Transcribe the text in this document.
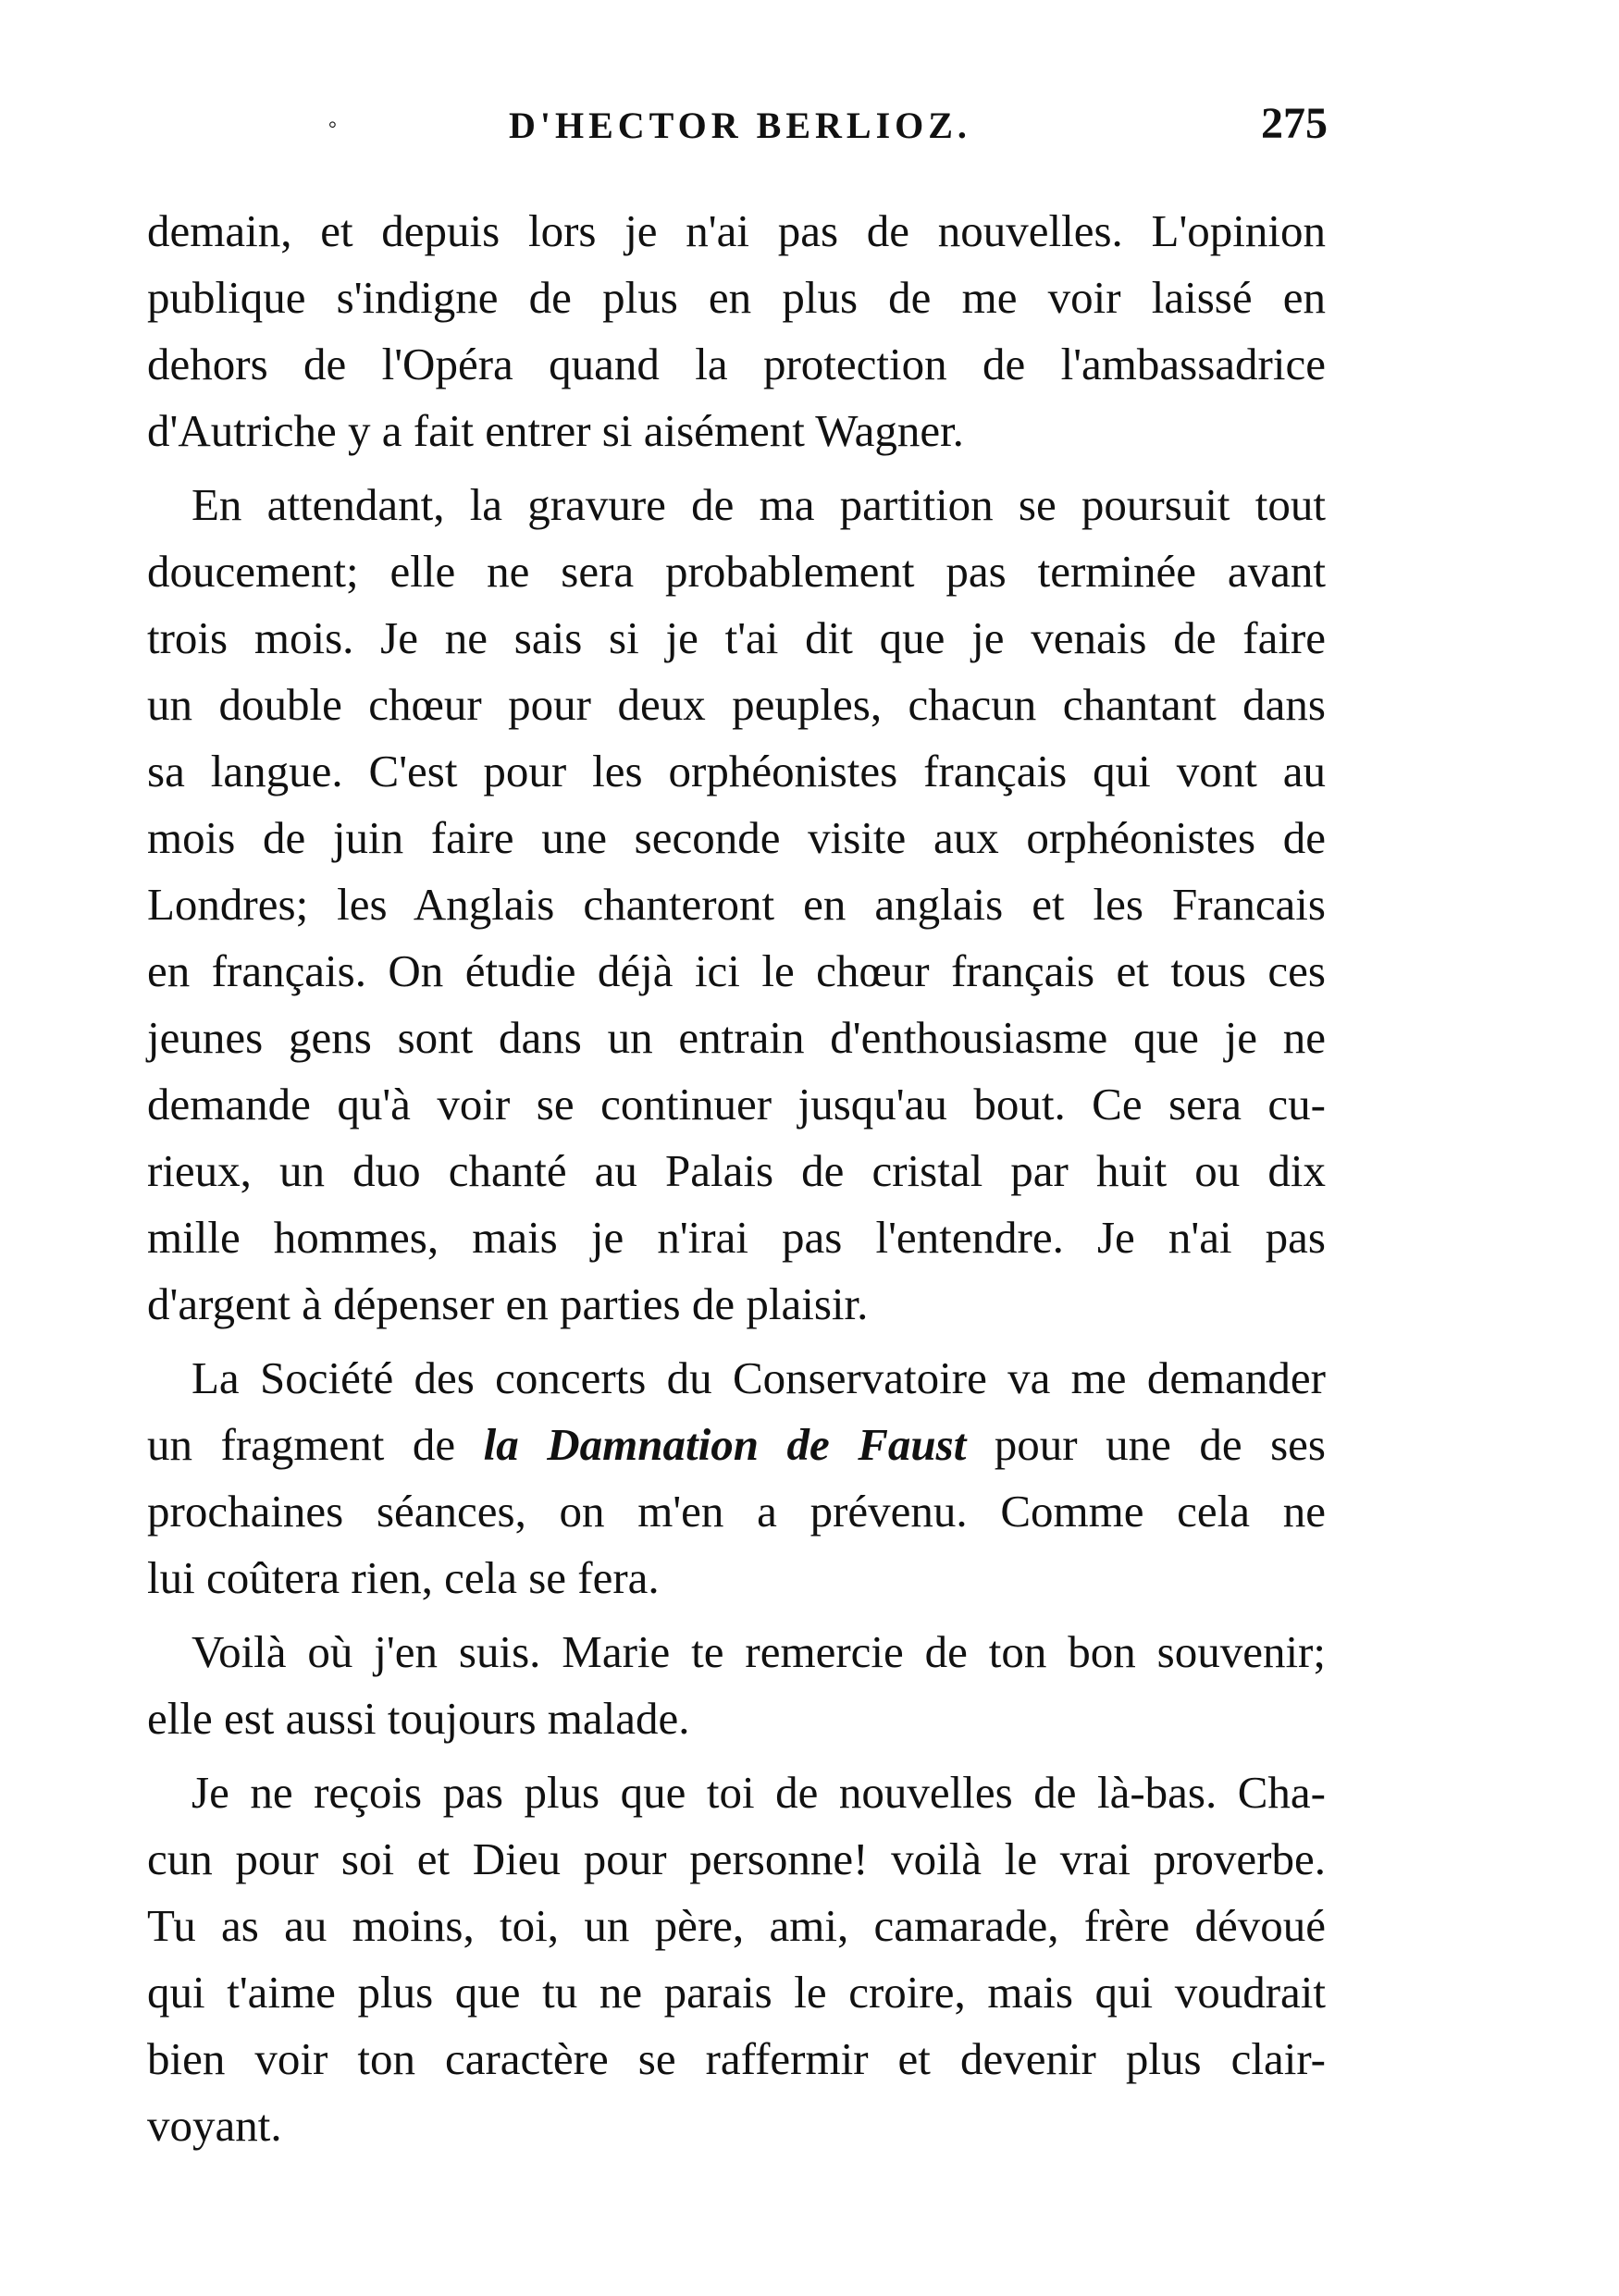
°	D'HECTOR BERLIOZ.	275
demain, et depuis lors je n'ai pas de nouvelles. L'opinion
publique s'indigne de plus en plus de me voir laissé en
dehors de l'Opéra quand la protection de l'ambassadrice
d'Autriche y a fait entrer si aisément Wagner.
En attendant, la gravure de ma partition se poursuit tout
doucement; elle ne sera probablement pas terminée avant
trois mois. Je ne sais si je t'ai dit que je venais de faire
un double chœur pour deux peuples, chacun chantant dans
sa langue. C'est pour les orphéonistes français qui vont au
mois de juin faire une seconde visite aux orphéonistes de
Londres; les Anglais chanteront en anglais et les Francais
en français. On étudie déjà ici le chœur français et tous ces
jeunes gens sont dans un entrain d'enthousiasme que je ne
demande qu'à voir se continuer jusqu'au bout. Ce sera cu-
rieux, un duo chanté au Palais de cristal par huit ou dix
mille hommes, mais je n'irai pas l'entendre. Je n'ai pas
d'argent à dépenser en parties de plaisir.
La Société des concerts du Conservatoire va me demander
un fragment de la Damnation de Faust pour une de ses
prochaines séances, on m'en a prévenu. Comme cela ne
lui coûtera rien, cela se fera.
Voilà où j'en suis. Marie te remercie de ton bon souvenir;
elle est aussi toujours malade.
Je ne reçois pas plus que toi de nouvelles de là-bas. Cha-
cun pour soi et Dieu pour personne! voilà le vrai proverbe.
Tu as au moins, toi, un père, ami, camarade, frère dévoué
qui t'aime plus que tu ne parais le croire, mais qui voudrait
bien voir ton caractère se raffermir et devenir plus clair-
voyant.
